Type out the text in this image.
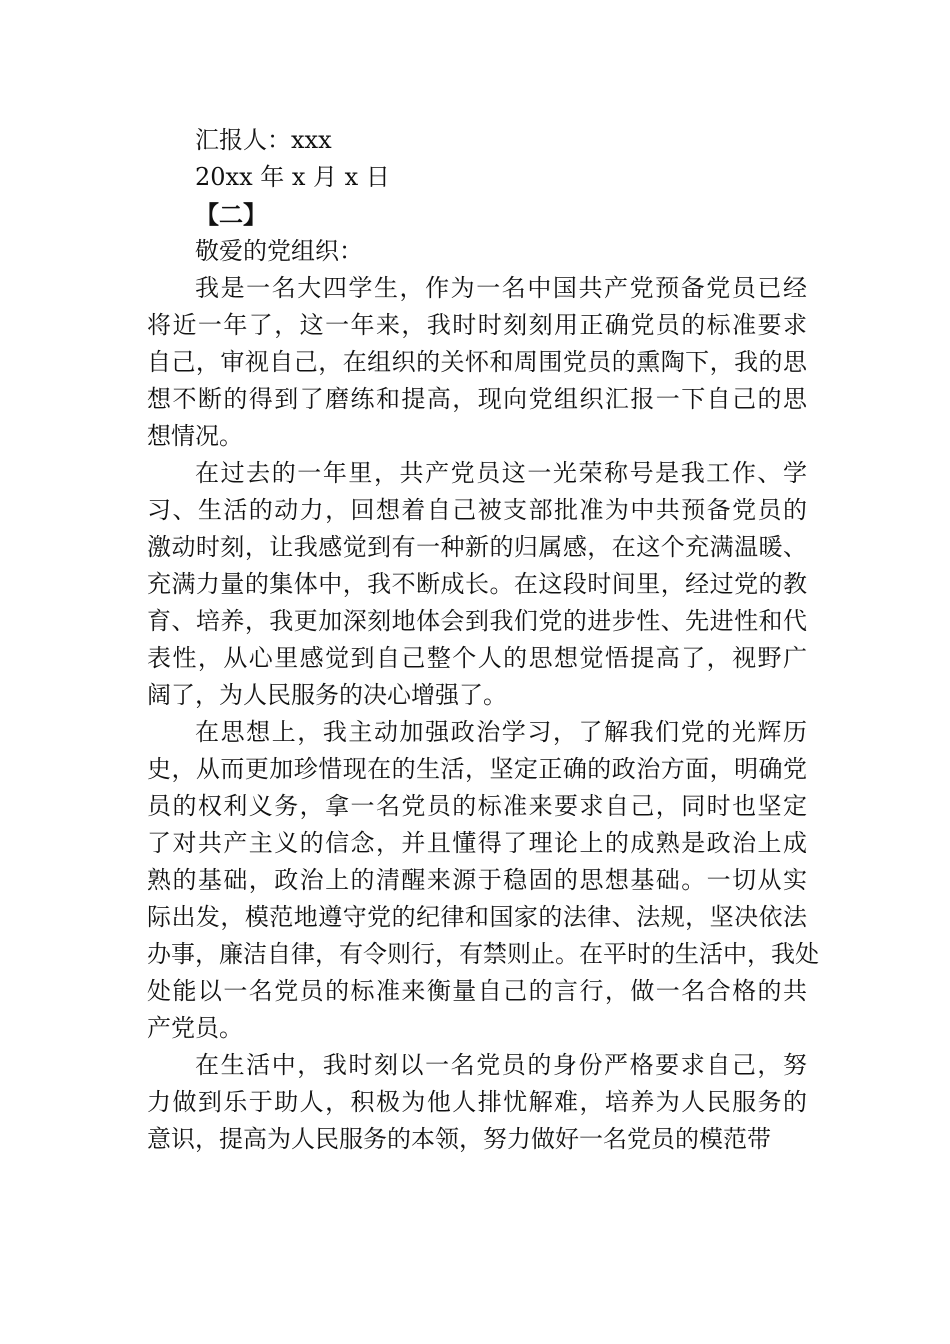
汇报人：xxx

20xx 年 x 月 x 日

【二】

敬爱的党组织：

我是一名大四学生，作为一名中国共产党预备党员已经

将近一年了，这一年来，我时时刻刻用正确党员的标准要求

自己，审视自己，在组织的关怀和周围党员的熏陶下，我的思

想不断的得到了磨练和提高，现向党组织汇报一下自己的思

想情况。

在过去的一年里，共产党员这一光荣称号是我工作、学

习、生活的动力，回想着自己被支部批准为中共预备党员的

激动时刻，让我感觉到有一种新的归属感，在这个充满温暖、

充满力量的集体中，我不断成长。在这段时间里，经过党的教

育、培养，我更加深刻地体会到我们党的进步性、先进性和代

表性，从心里感觉到自己整个人的思想觉悟提高了，视野广

阔了，为人民服务的决心增强了。

在思想上，我主动加强政治学习，了解我们党的光辉历

史，从而更加珍惜现在的生活，坚定正确的政治方面，明确党

员的权利义务，拿一名党员的标准来要求自己，同时也坚定

了对共产主义的信念，并且懂得了理论上的成熟是政治上成

熟的基础，政治上的清醒来源于稳固的思想基础。一切从实

际出发，模范地遵守党的纪律和国家的法律、法规，坚决依法

办事，廉洁自律，有令则行，有禁则止。在平时的生活中，我处

处能以一名党员的标准来衡量自己的言行，做一名合格的共

产党员。

在生活中，我时刻以一名党员的身份严格要求自己，努

力做到乐于助人，积极为他人排忧解难，培养为人民服务的

意识，提高为人民服务的本领，努力做好一名党员的模范带
